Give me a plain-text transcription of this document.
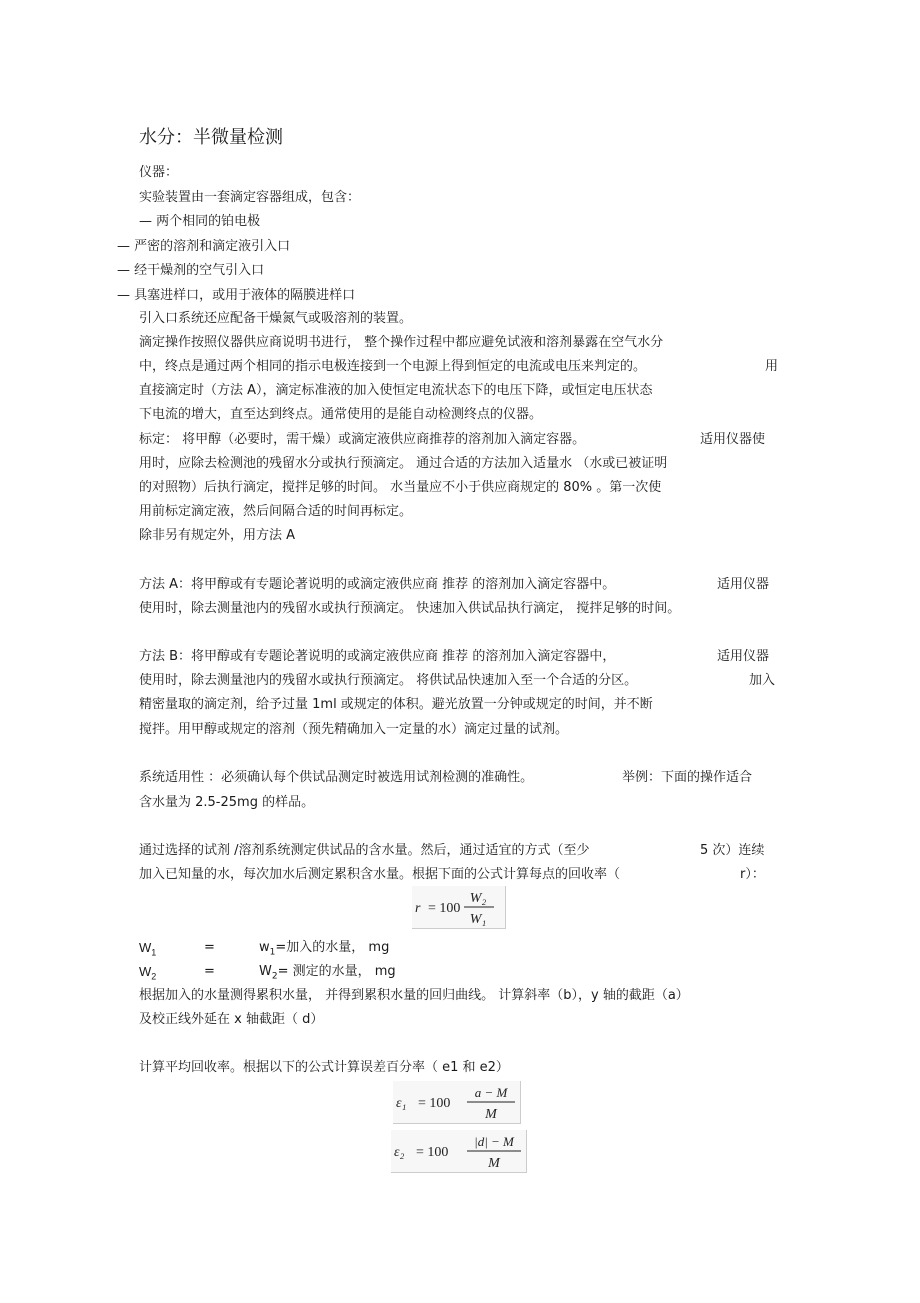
水分：半微量检测
仪器：
实验装置由一套滴定容器组成，包含：
— 两个相同的铂电极
— 严密的溶剂和滴定液引入口
— 经干燥剂的空气引入口
— 具塞进样口，或用于液体的隔膜进样口
引入口系统还应配备干燥氮气或吸溶剂的装置。
滴定操作按照仪器供应商说明书进行， 整个操作过程中都应避免试液和溶剂暴露在空气水分
中，终点是通过两个相同的指示电极连接到一个电源上得到恒定的电流或电压来判定的。	用
直接滴定时（方法 A），滴定标准液的加入使恒定电流状态下的电压下降，或恒定电压状态
下电流的增大，直至达到终点。通常使用的是能自动检测终点的仪器。
标定： 将甲醇（必要时，需干燥）或滴定液供应商推荐的溶剂加入滴定容器。	适用仪器使
用时，应除去检测池的残留水分或执行预滴定。 通过合适的方法加入适量水 （水或已被证明
的对照物）后执行滴定，搅拌足够的时间。 水当量应不小于供应商规定的 80% 。第一次使
用前标定滴定液，然后间隔合适的时间再标定。
除非另有规定外，用方法 A
方法 A：将甲醇或有专题论著说明的或滴定液供应商 推荐 的溶剂加入滴定容器中。	适用仪器
使用时，除去测量池内的残留水或执行预滴定。 快速加入供试品执行滴定， 搅拌足够的时间。
方法 B：将甲醇或有专题论著说明的或滴定液供应商 推荐 的溶剂加入滴定容器中，	适用仪器
使用时，除去测量池内的残留水或执行预滴定。 将供试品快速加入至一个合适的分区。	加入
精密量取的滴定剂，给予过量 1ml 或规定的体积。避光放置一分钟或规定的时间，并不断
搅拌。用甲醇或规定的溶剂（预先精确加入一定量的水）滴定过量的试剂。
系统适用性 ：必须确认每个供试品测定时被选用试剂检测的准确性。	举例：下面的操作适合
含水量为 2.5-25mg 的样品。
通过选择的试剂 /溶剂系统测定供试品的含水量。然后，通过适宜的方式（至少	5 次）连续
加入已知量的水，每次加水后测定累积含水量。根据下面的公式计算每点的回收率（	r）：
r = 100
W₂
W₁
$W_1$	=	$w_1=$加入的水量， mg
$W_2$	=	$W_2=$ 测定的水量， mg
根据加入的水量测得累积水量， 并得到累积水量的回归曲线。 计算斜率（b），y 轴的截距（a）
及校正线外延在 x 轴截距（ d）
计算平均回收率。根据以下的公式计算误差百分率（ e1 和 e2）
ε₁ = 100
a − M
M
ε₂ = 100
|d| − M
M
